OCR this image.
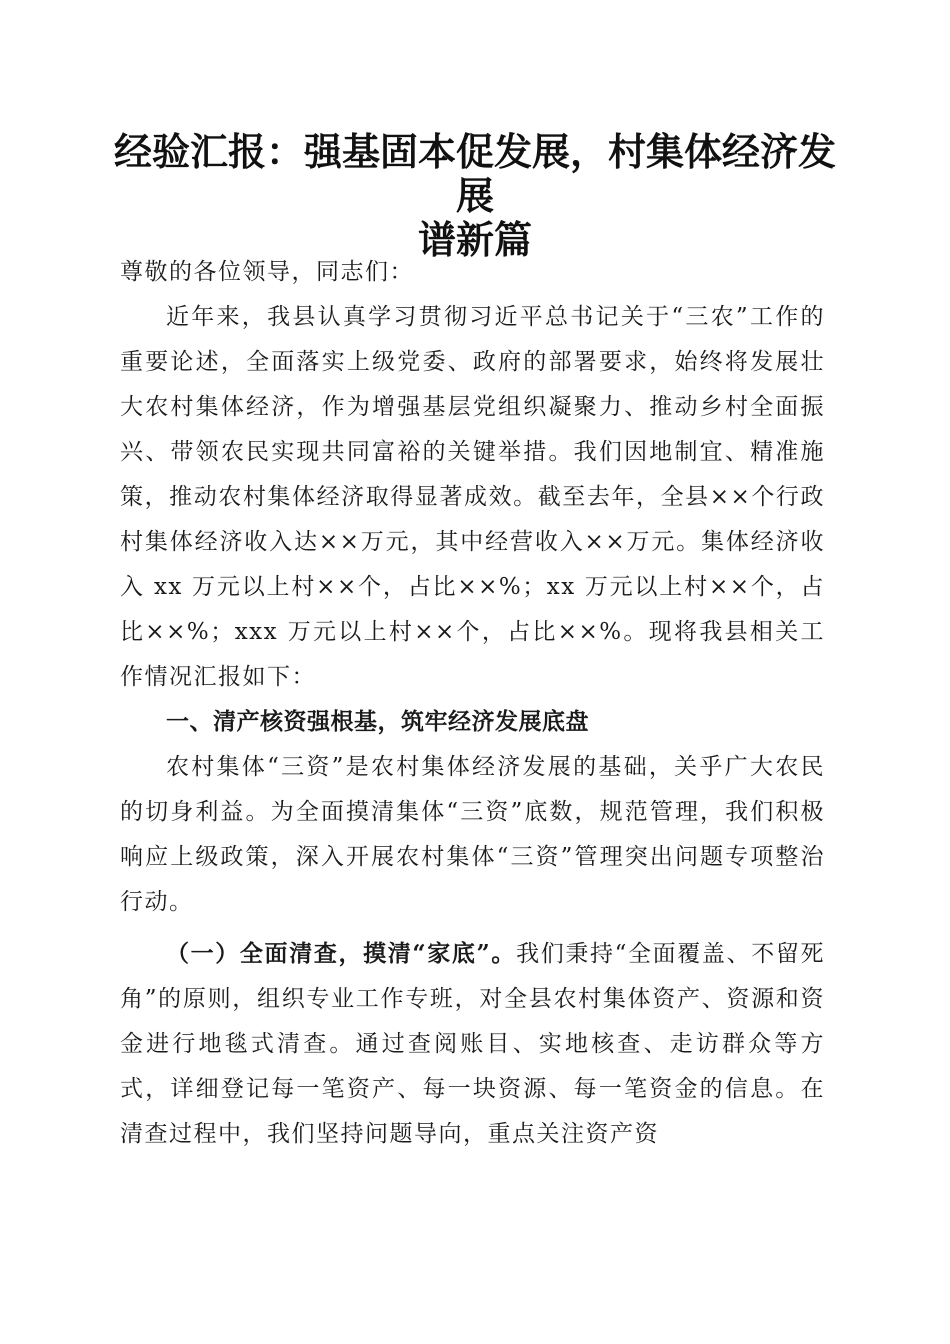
经验汇报：强基固本促发展，村集体经济发展
谱新篇

尊敬的各位领导，同志们：

近年来，我县认真学习贯彻习近平总书记关于“三农”工作的重要论述，全面落实上级党委、政府的部署要求，始终将发展壮大农村集体经济，作为增强基层党组织凝聚力、推动乡村全面振兴、带领农民实现共同富裕的关键举措。我们因地制宜、精准施策，推动农村集体经济取得显著成效。截至去年，全县××个行政村集体经济收入达××万元，其中经营收入××万元。集体经济收入 xx 万元以上村××个，占比××%；xx 万元以上村××个，占比××%；xxx 万元以上村××个，占比××%。现将我县相关工作情况汇报如下：

一、清产核资强根基，筑牢经济发展底盘

农村集体“三资”是农村集体经济发展的基础，关乎广大农民的切身利益。为全面摸清集体“三资”底数，规范管理，我们积极响应上级政策，深入开展农村集体“三资”管理突出问题专项整治行动。

（一）全面清查，摸清“家底”。我们秉持“全面覆盖、不留死角”的原则，组织专业工作专班，对全县农村集体资产、资源和资金进行地毯式清查。通过查阅账目、实地核查、走访群众等方式，详细登记每一笔资产、每一块资源、每一笔资金的信息。在清查过程中，我们坚持问题导向，重点关注资产资
